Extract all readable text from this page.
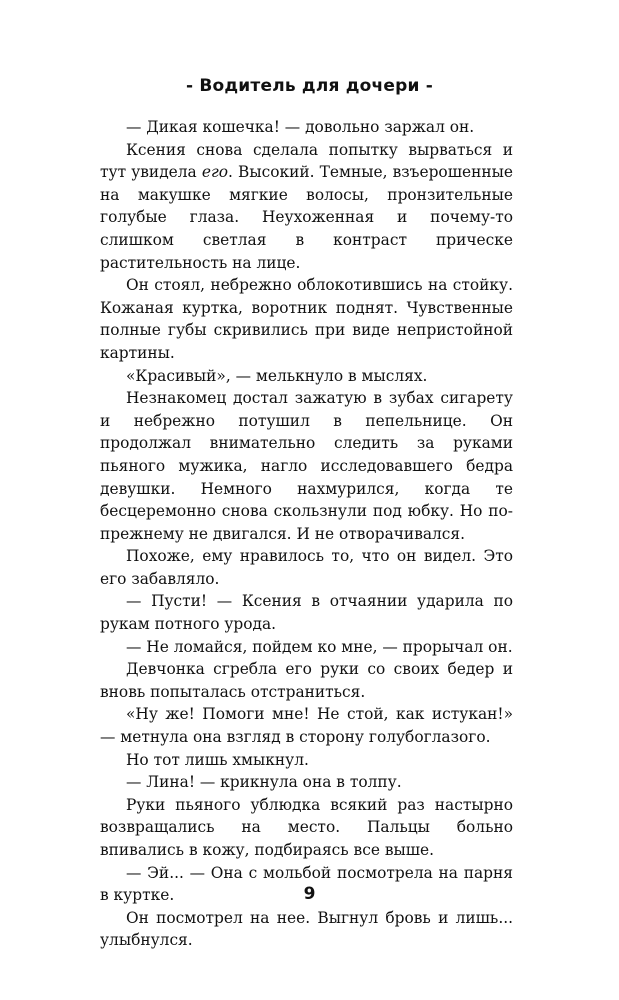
- Водитель для дочери -

— Дикая кошечка! — довольно заржал он.

Ксения снова сделала попытку вырваться и тут увидела его. Высокий. Темные, взъерошенные на макушке мягкие волосы, пронзительные голубые глаза. Неухоженная и почему-то слишком светлая в контраст прическе растительность на лице.

Он стоял, небрежно облокотившись на стойку. Кожаная куртка, воротник поднят. Чувственные полные губы скривились при виде непристойной картины.

«Красивый», — мелькнуло в мыслях.

Незнакомец достал зажатую в зубах сигарету и небрежно потушил в пепельнице. Он продолжал внимательно следить за руками пьяного мужика, нагло исследовавшего бедра девушки. Немного нахмурился, когда те бесцеремонно снова скользнули под юбку. Но по-прежнему не двигался. И не отворачивался.

Похоже, ему нравилось то, что он видел. Это его забавляло.

— Пусти! — Ксения в отчаянии ударила по рукам потного урода.

— Не ломайся, пойдем ко мне, — прорычал он.

Девчонка сгребла его руки со своих бедер и вновь попыталась отстраниться.

«Ну же! Помоги мне! Не стой, как истукан!» — метнула она взгляд в сторону голубоглазого.

Но тот лишь хмыкнул.

— Лина! — крикнула она в толпу.

Руки пьяного ублюдка всякий раз настырно возвращались на место. Пальцы больно впивались в кожу, подбираясь все выше.

— Эй... — Она с мольбой посмотрела на парня в куртке.

Он посмотрел на нее. Выгнул бровь и лишь... улыбнулся.

9
